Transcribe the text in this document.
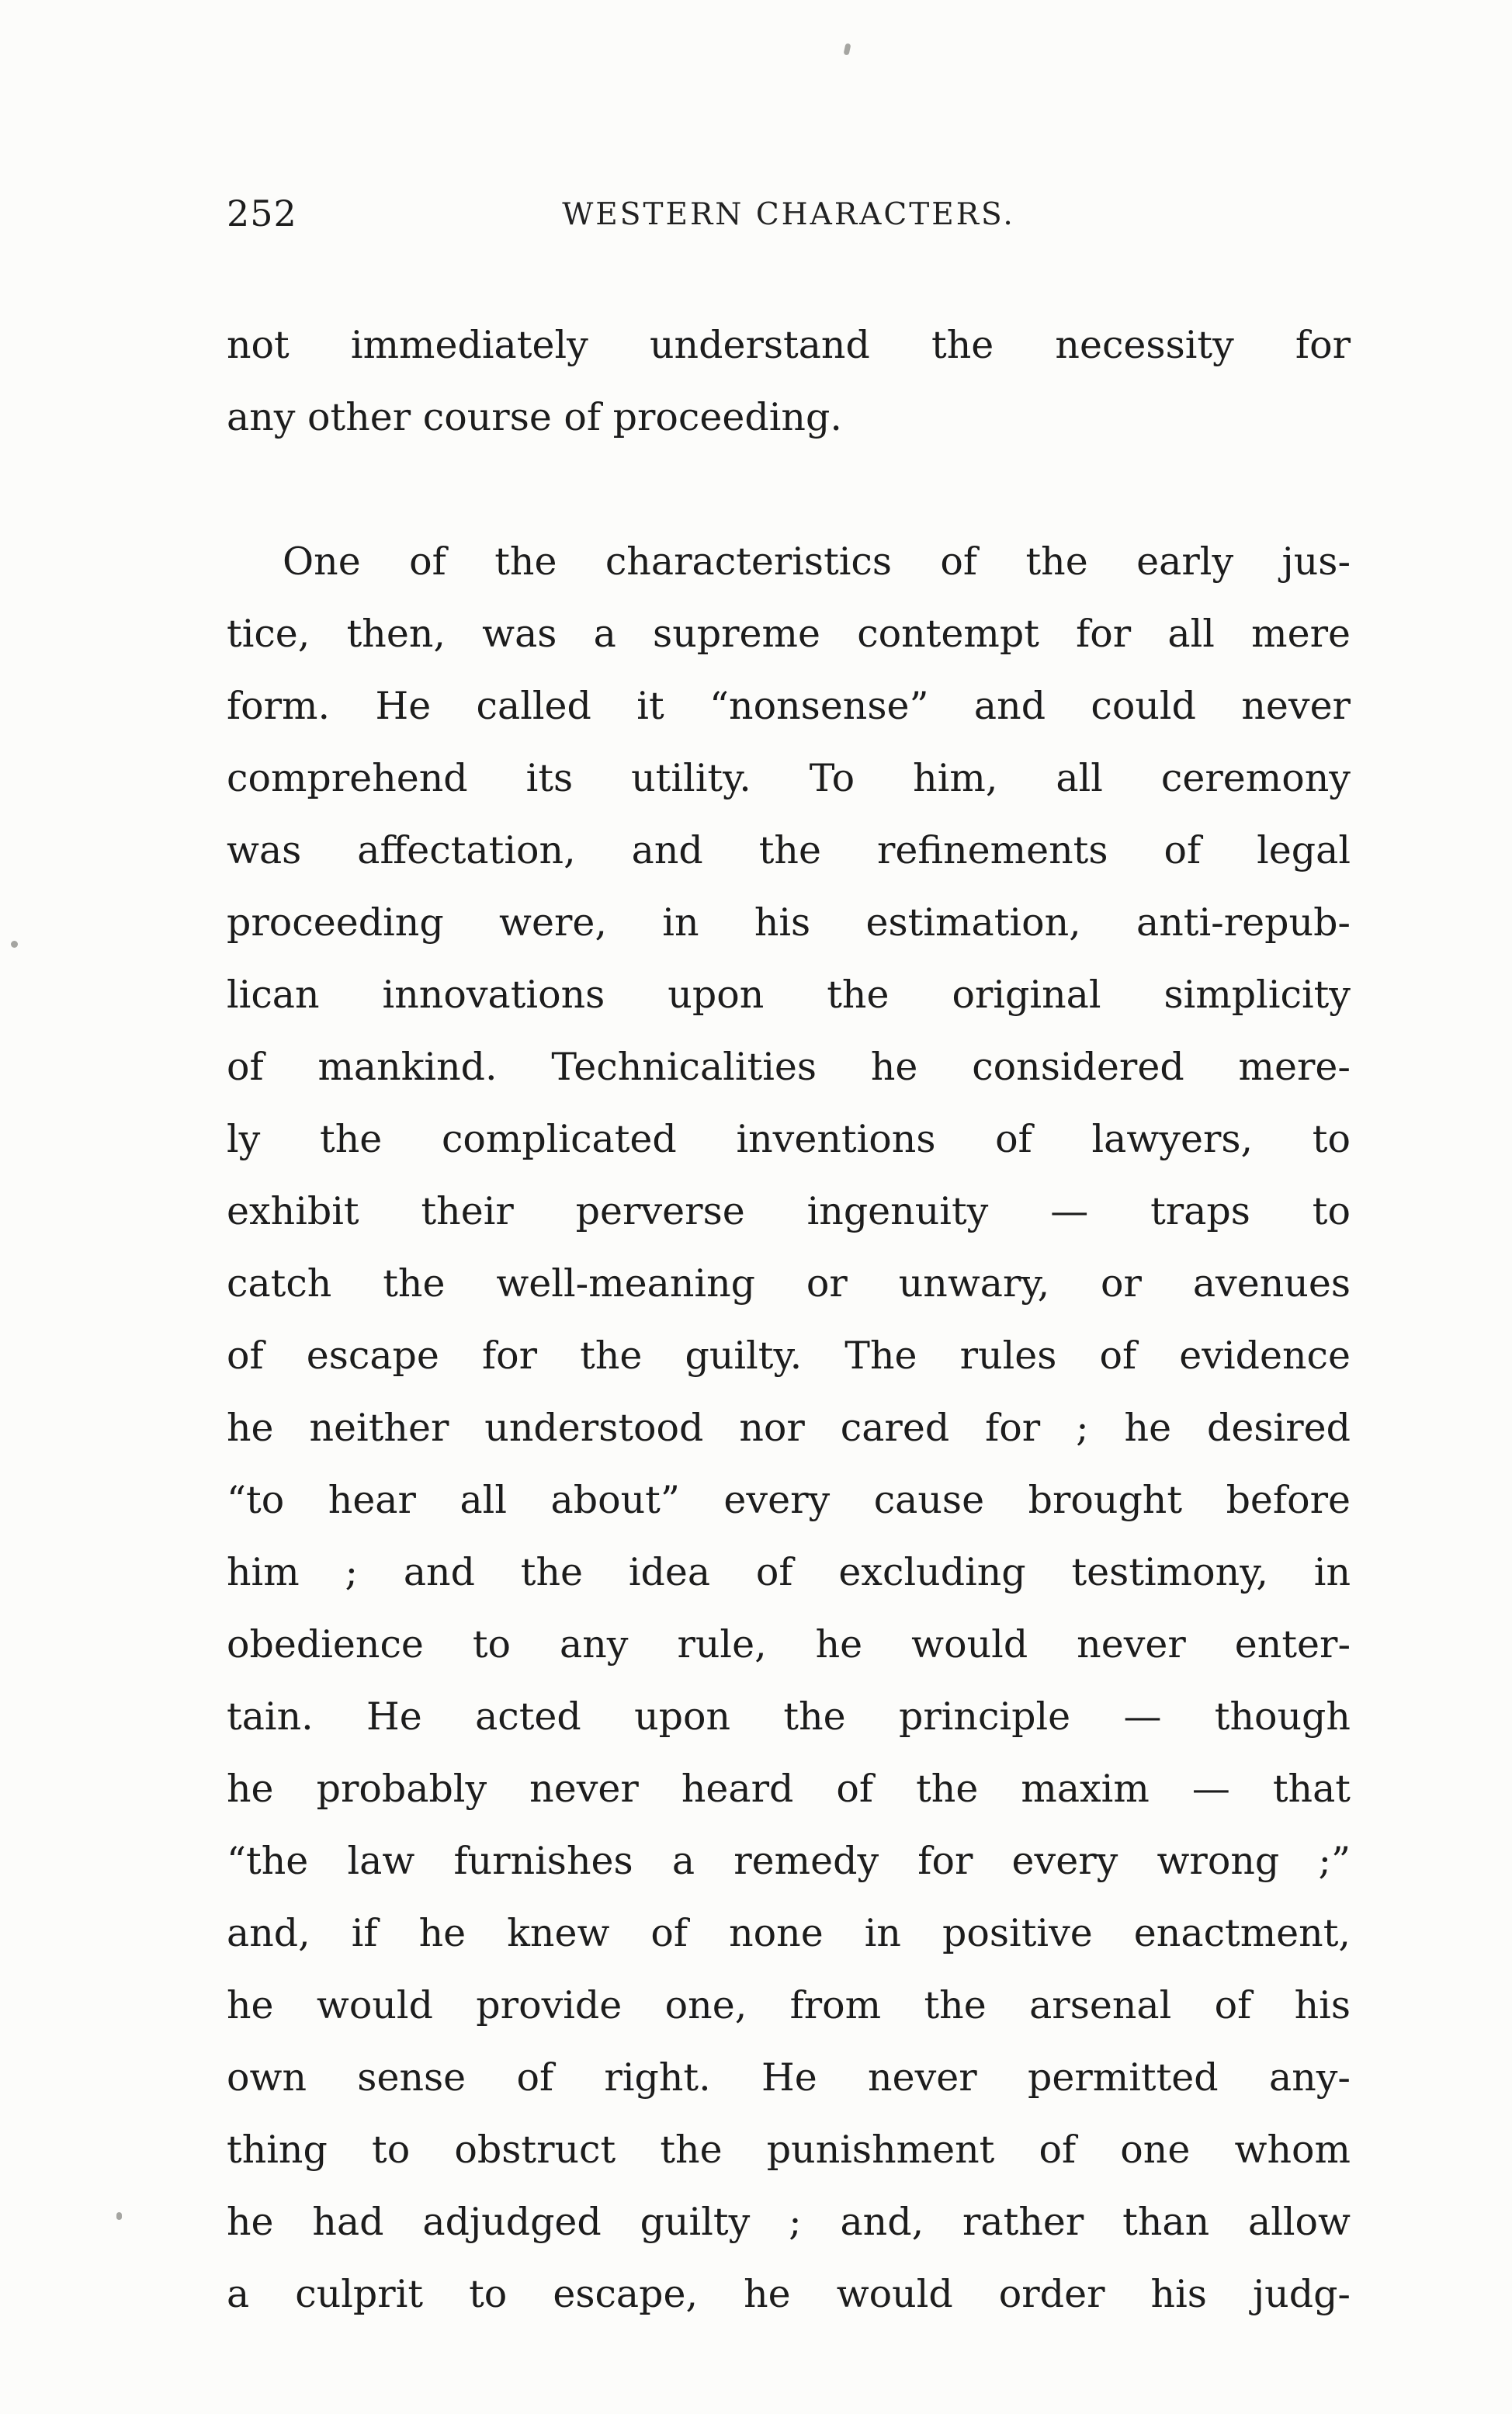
252	WESTERN CHARACTERS.
not immediately understand the necessity for
any other course of proceeding.
One of the characteristics of the early jus-
tice, then, was a supreme contempt for all mere
form. He called it “nonsense” and could never
comprehend its utility. To him, all ceremony
was affectation, and the refinements of legal
proceeding were, in his estimation, anti-repub-
lican innovations upon the original simplicity
of mankind. Technicalities he considered mere-
ly the complicated inventions of lawyers, to
exhibit their perverse ingenuity — traps to
catch the well-meaning or unwary, or avenues
of escape for the guilty. The rules of evidence
he neither understood nor cared for ; he desired
“to hear all about” every cause brought before
him ; and the idea of excluding testimony, in
obedience to any rule, he would never enter-
tain. He acted upon the principle — though
he probably never heard of the maxim — that
“the law furnishes a remedy for every wrong ;”
and, if he knew of none in positive enactment,
he would provide one, from the arsenal of his
own sense of right. He never permitted any-
thing to obstruct the punishment of one whom
he had adjudged guilty ; and, rather than allow
a culprit to escape, he would order his judg-
